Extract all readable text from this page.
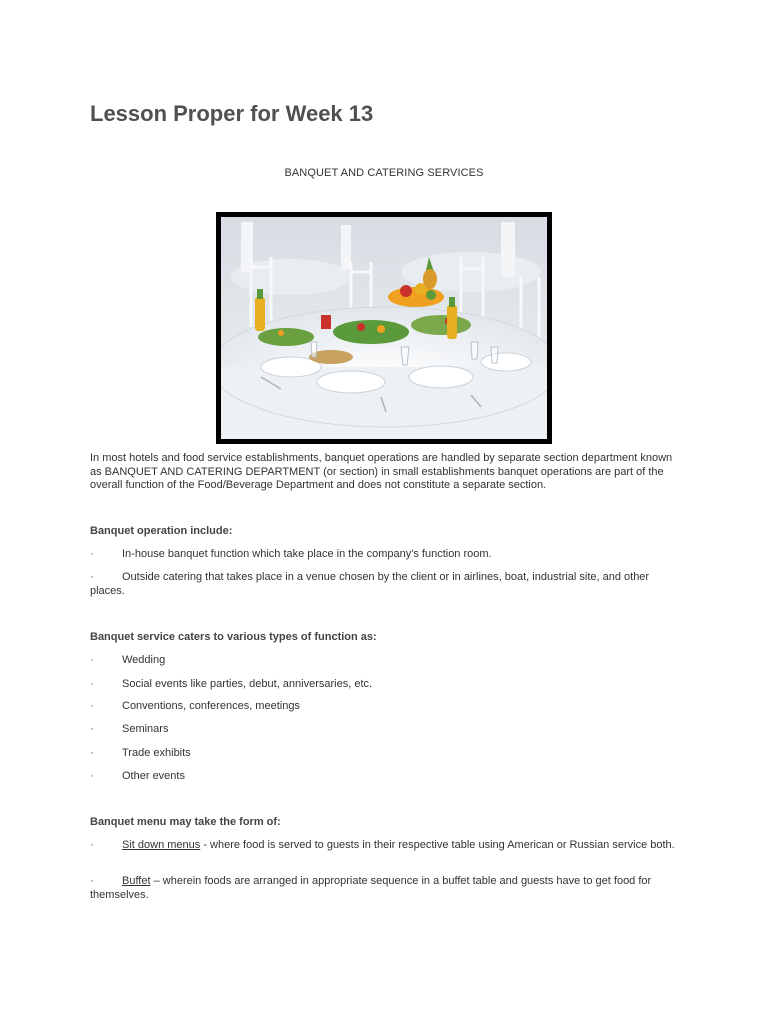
Lesson Proper for Week 13
BANQUET AND CATERING SERVICES
In most hotels and food service establishments, banquet operations are handled by separate section department known as BANQUET AND CATERING DEPARTMENT (or section) in small establishments banquet operations are part of the overall function of the Food/Beverage Department and does not constitute a separate section.
Banquet operation include:
·	In-house banquet function which take place in the company's function room.
·	Outside catering that takes place in a venue chosen by the client or in airlines, boat, industrial site, and other places.
Banquet service caters to various types of function as:
·	Wedding
·	Social events like parties, debut, anniversaries, etc.
·	Conventions, conferences, meetings
·	Seminars
·	Trade exhibits
·	Other events
Banquet menu may take the form of:
·	Sit down menus - where food is served to guests in their respective table using American or Russian service both.
·	Buffet – wherein foods are arranged in appropriate sequence in a buffet table and guests have to get food for themselves.
